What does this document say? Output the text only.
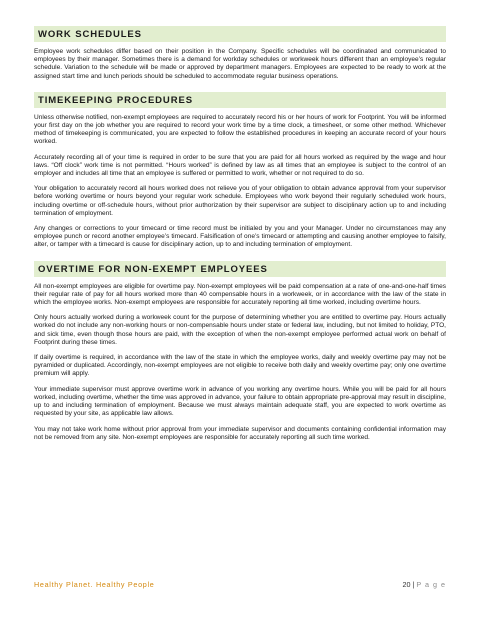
WORK SCHEDULES

Employee work schedules differ based on their position in the Company. Specific schedules will be coordinated and communicated to employees by their manager. Sometimes there is a demand for workday schedules or workweek hours different than an employee’s regular schedule. Variation to the schedule will be made or approved by department managers. Employees are expected to be ready to work at the assigned start time and lunch periods should be scheduled to accommodate regular business operations.

TIMEKEEPING PROCEDURES

Unless otherwise notified, non-exempt employees are required to accurately record his or her hours of work for Footprint. You will be informed your first day on the job whether you are required to record your work time by a time clock, a timesheet, or some other method. Whichever method of timekeeping is communicated, you are expected to follow the established procedures in keeping an accurate record of your hours worked.

Accurately recording all of your time is required in order to be sure that you are paid for all hours worked as required by the wage and hour laws. “Off clock” work time is not permitted. “Hours worked” is defined by law as all times that an employee is subject to the control of an employer and includes all time that an employee is suffered or permitted to work, whether or not required to do so.

Your obligation to accurately record all hours worked does not relieve you of your obligation to obtain advance approval from your supervisor before working overtime or hours beyond your regular work schedule. Employees who work beyond their regularly scheduled work hours, including overtime or off-schedule hours, without prior authorization by their supervisor are subject to disciplinary action up to and including termination of employment.

Any changes or corrections to your timecard or time record must be initialed by you and your Manager. Under no circumstances may any employee punch or record another employee’s timecard. Falsification of one’s timecard or attempting and causing another employee to falsify, alter, or tamper with a timecard is cause for disciplinary action, up to and including termination of employment.

OVERTIME FOR NON-EXEMPT EMPLOYEES

All non-exempt employees are eligible for overtime pay. Non-exempt employees will be paid compensation at a rate of one-and-one-half times their regular rate of pay for all hours worked more than 40 compensable hours in a workweek, or in accordance with the law of the state in which the employee works. Non-exempt employees are responsible for accurately reporting all time worked, including overtime hours.

Only hours actually worked during a workweek count for the purpose of determining whether you are entitled to overtime pay. Hours actually worked do not include any non-working hours or non-compensable hours under state or federal law, including, but not limited to holiday, PTO, and sick time, even though those hours are paid, with the exception of when the non-exempt employee performed actual work on behalf of Footprint during these times.

If daily overtime is required, in accordance with the law of the state in which the employee works, daily and weekly overtime pay may not be pyramided or duplicated. Accordingly, non-exempt employees are not eligible to receive both daily and weekly overtime pay; only one overtime premium will apply.

Your immediate supervisor must approve overtime work in advance of you working any overtime hours. While you will be paid for all hours worked, including overtime, whether the time was approved in advance, your failure to obtain appropriate pre-approval may result in discipline, up to and including termination of employment. Because we must always maintain adequate staff, you are expected to work overtime as requested by your site, as applicable law allows.

You may not take work home without prior approval from your immediate supervisor and documents containing confidential information may not be removed from any site. Non-exempt employees are responsible for accurately reporting all such time worked.

Healthy Planet. Healthy People	20 | P a g e
